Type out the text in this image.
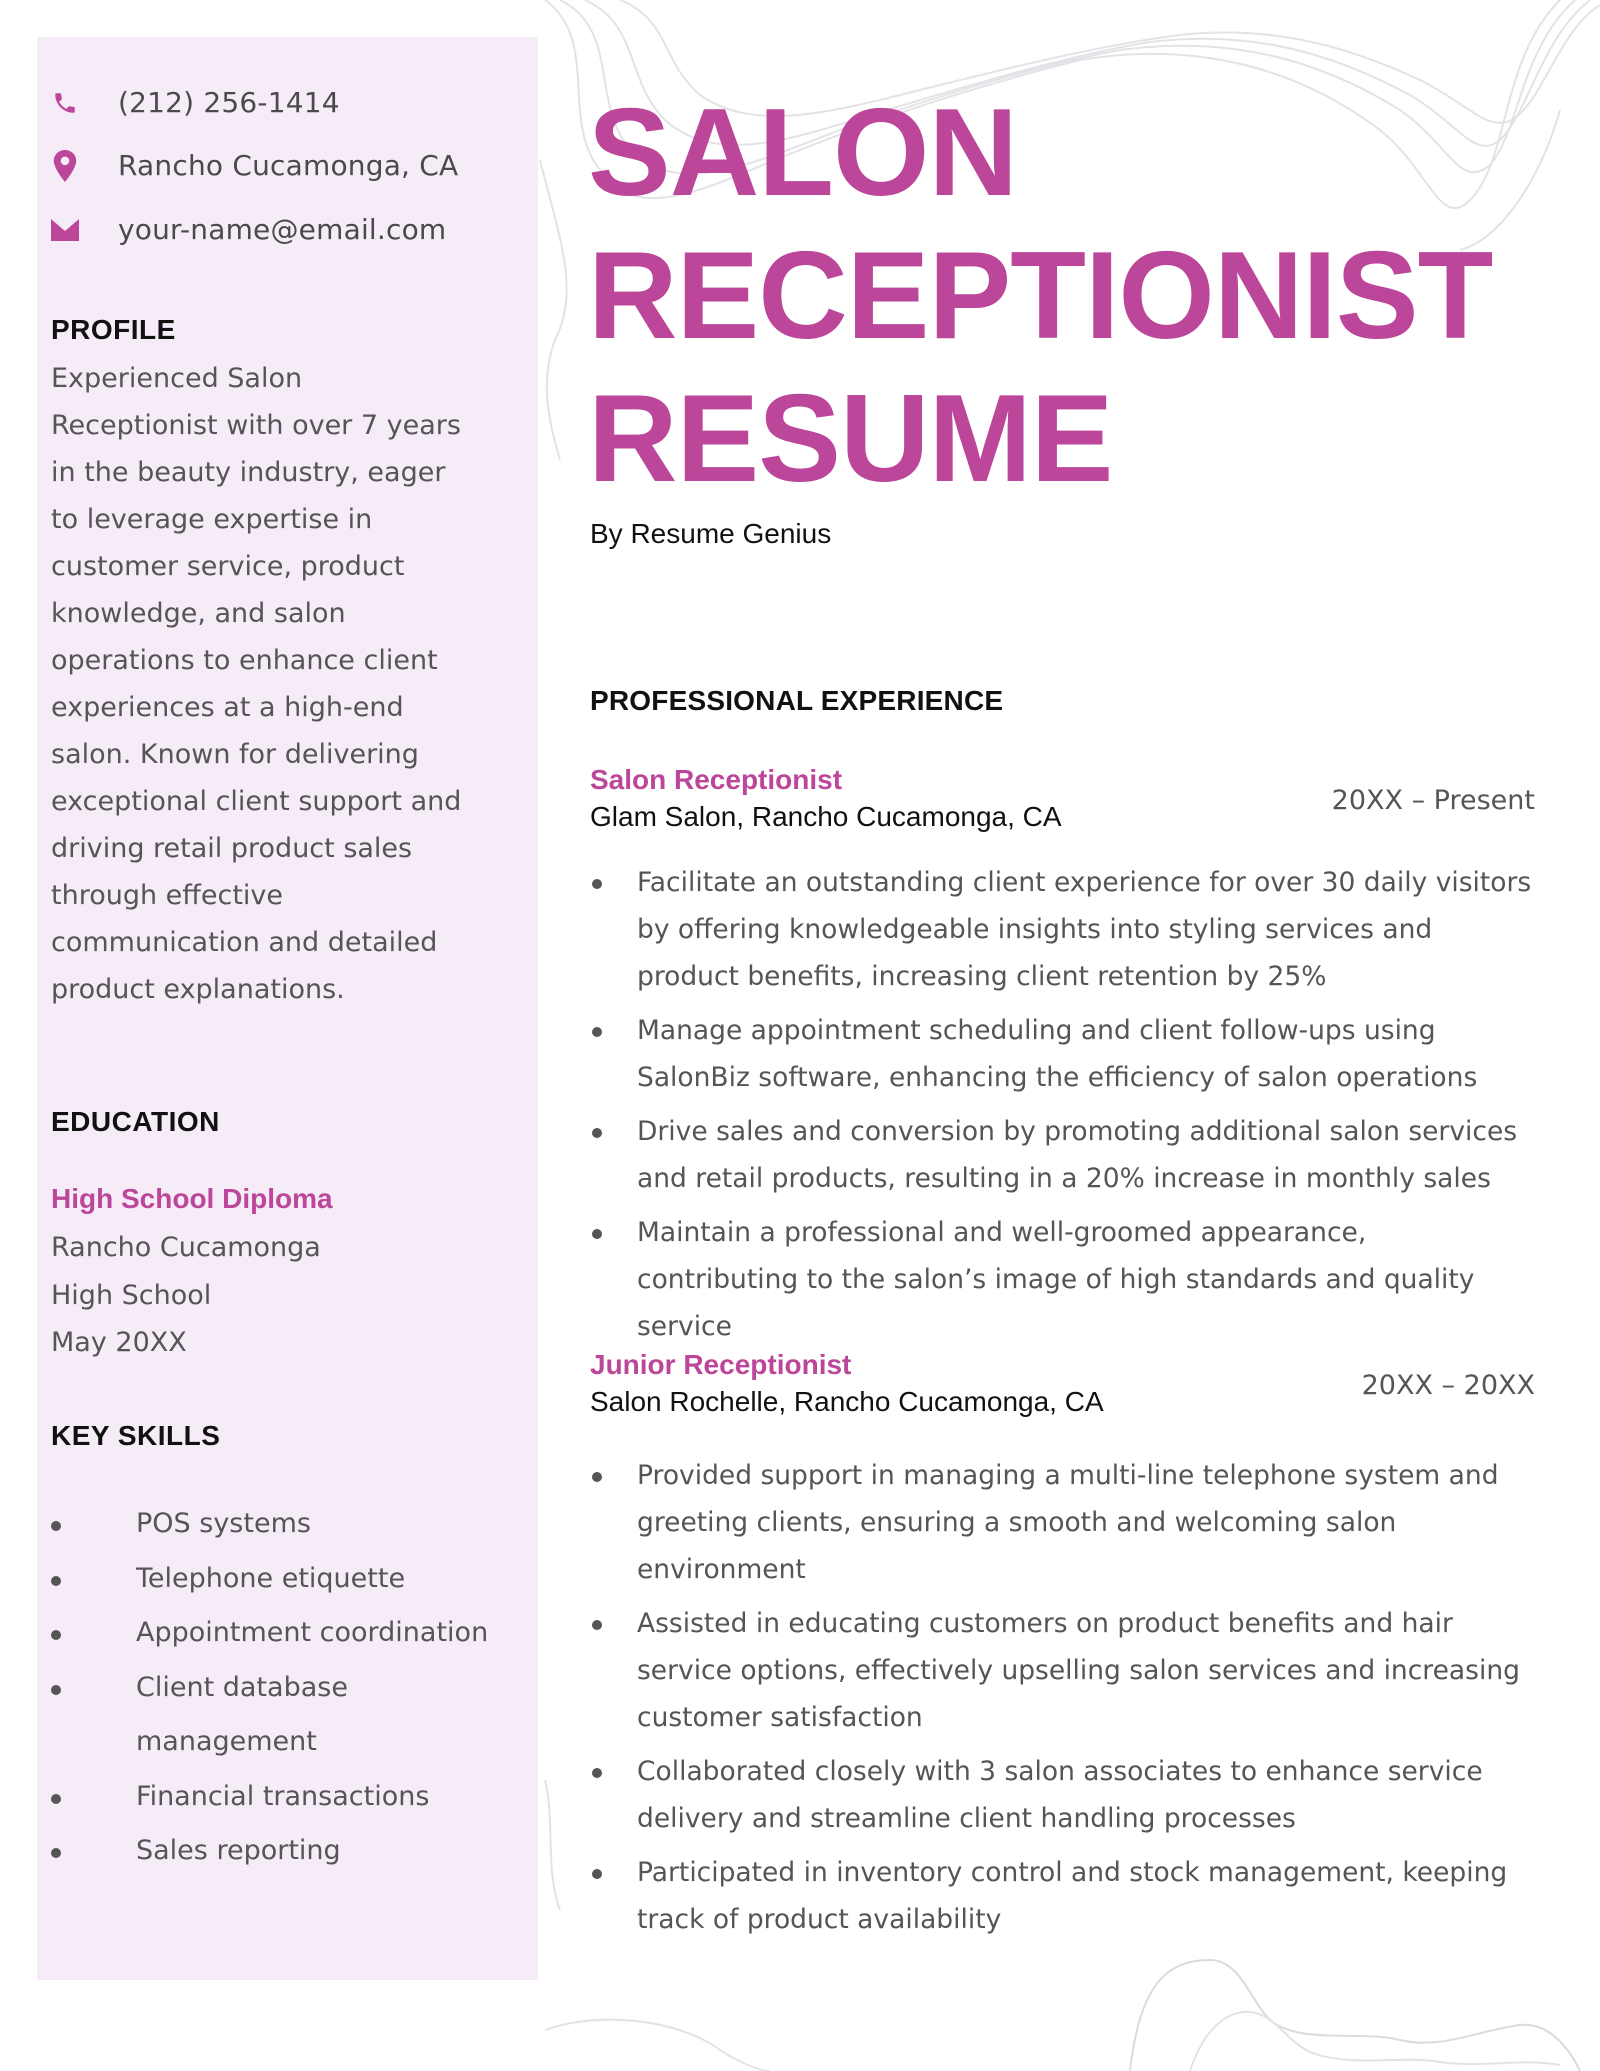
(212) 256-1414
Rancho Cucamonga, CA
your-name@email.com
PROFILE
Experienced Salon Receptionist with over 7 years in the beauty industry, eager to leverage expertise in customer service, product knowledge, and salon operations to enhance client experiences at a high-end salon. Known for delivering exceptional client support and driving retail product sales through effective communication and detailed product explanations.
EDUCATION
High School Diploma
Rancho Cucamonga
High School
May 20XX
KEY SKILLS
POS systems
Telephone etiquette
Appointment coordination
Client database management
Financial transactions
Sales reporting
SALON
RECEPTIONIST
RESUME
By Resume Genius
PROFESSIONAL EXPERIENCE
Salon Receptionist
Glam Salon, Rancho Cucamonga, CA
20XX – Present
Facilitate an outstanding client experience for over 30 daily visitors by offering knowledgeable insights into styling services and product benefits, increasing client retention by 25%
Manage appointment scheduling and client follow-ups using SalonBiz software, enhancing the efficiency of salon operations
Drive sales and conversion by promoting additional salon services and retail products, resulting in a 20% increase in monthly sales
Maintain a professional and well-groomed appearance, contributing to the salon’s image of high standards and quality service
Junior Receptionist
Salon Rochelle, Rancho Cucamonga, CA
20XX – 20XX
Provided support in managing a multi-line telephone system and greeting clients, ensuring a smooth and welcoming salon environment
Assisted in educating customers on product benefits and hair service options, effectively upselling salon services and increasing customer satisfaction
Collaborated closely with 3 salon associates to enhance service delivery and streamline client handling processes
Participated in inventory control and stock management, keeping track of product availability
